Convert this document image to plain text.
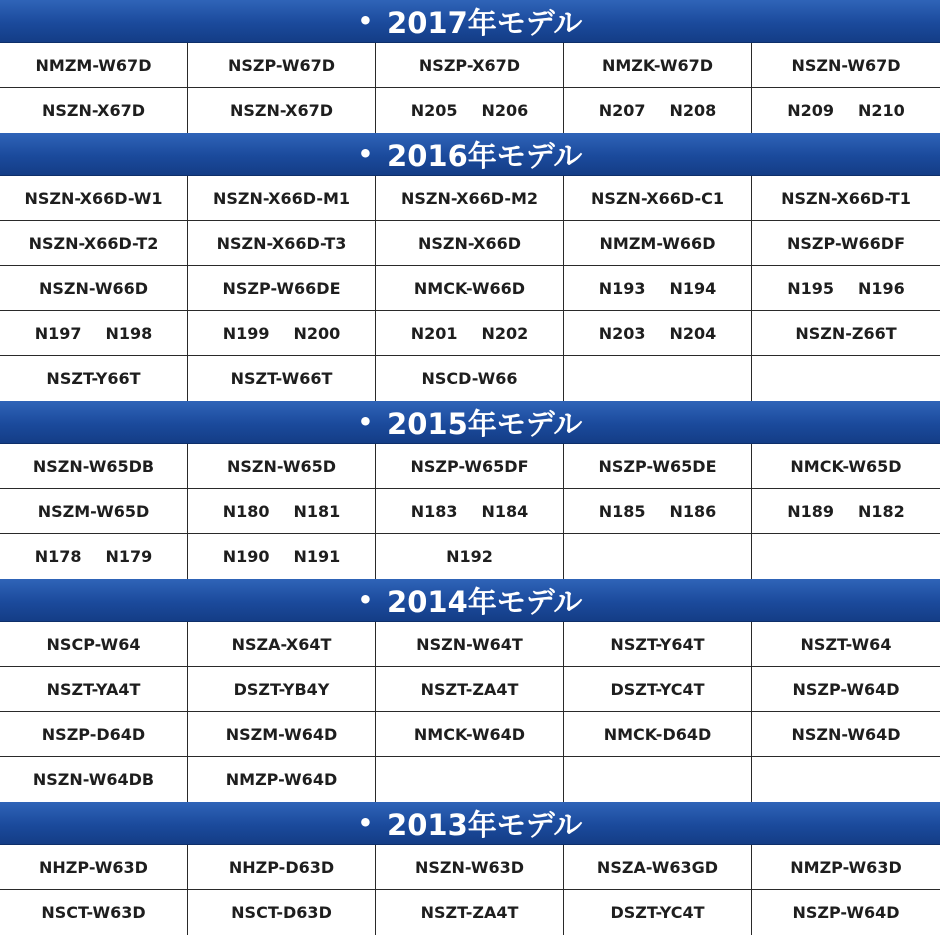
• 2017年モデル
NMZM-W67D	NSZP-W67D	NSZP-X67D	NMZK-W67D	NSZN-W67D
NSZN-X67D	NSZN-X67D	N205 N206	N207 N208	N209 N210
• 2016年モデル
NSZN-X66D-W1	NSZN-X66D-M1	NSZN-X66D-M2	NSZN-X66D-C1	NSZN-X66D-T1
NSZN-X66D-T2	NSZN-X66D-T3	NSZN-X66D	NMZM-W66D	NSZP-W66DF
NSZN-W66D	NSZP-W66DE	NMCK-W66D	N193 N194	N195 N196
N197 N198	N199 N200	N201 N202	N203 N204	NSZN-Z66T
NSZT-Y66T	NSZT-W66T	NSCD-W66
• 2015年モデル
NSZN-W65DB	NSZN-W65D	NSZP-W65DF	NSZP-W65DE	NMCK-W65D
NSZM-W65D	N180 N181	N183 N184	N185 N186	N189 N182
N178 N179	N190 N191	N192
• 2014年モデル
NSCP-W64	NSZA-X64T	NSZN-W64T	NSZT-Y64T	NSZT-W64
NSZT-YA4T	DSZT-YB4Y	NSZT-ZA4T	DSZT-YC4T	NSZP-W64D
NSZP-D64D	NSZM-W64D	NMCK-W64D	NMCK-D64D	NSZN-W64D
NSZN-W64DB	NMZP-W64D
• 2013年モデル
NHZP-W63D	NHZP-D63D	NSZN-W63D	NSZA-W63GD	NMZP-W63D
NSCT-W63D	NSCT-D63D	NSZT-ZA4T	DSZT-YC4T	NSZP-W64D
